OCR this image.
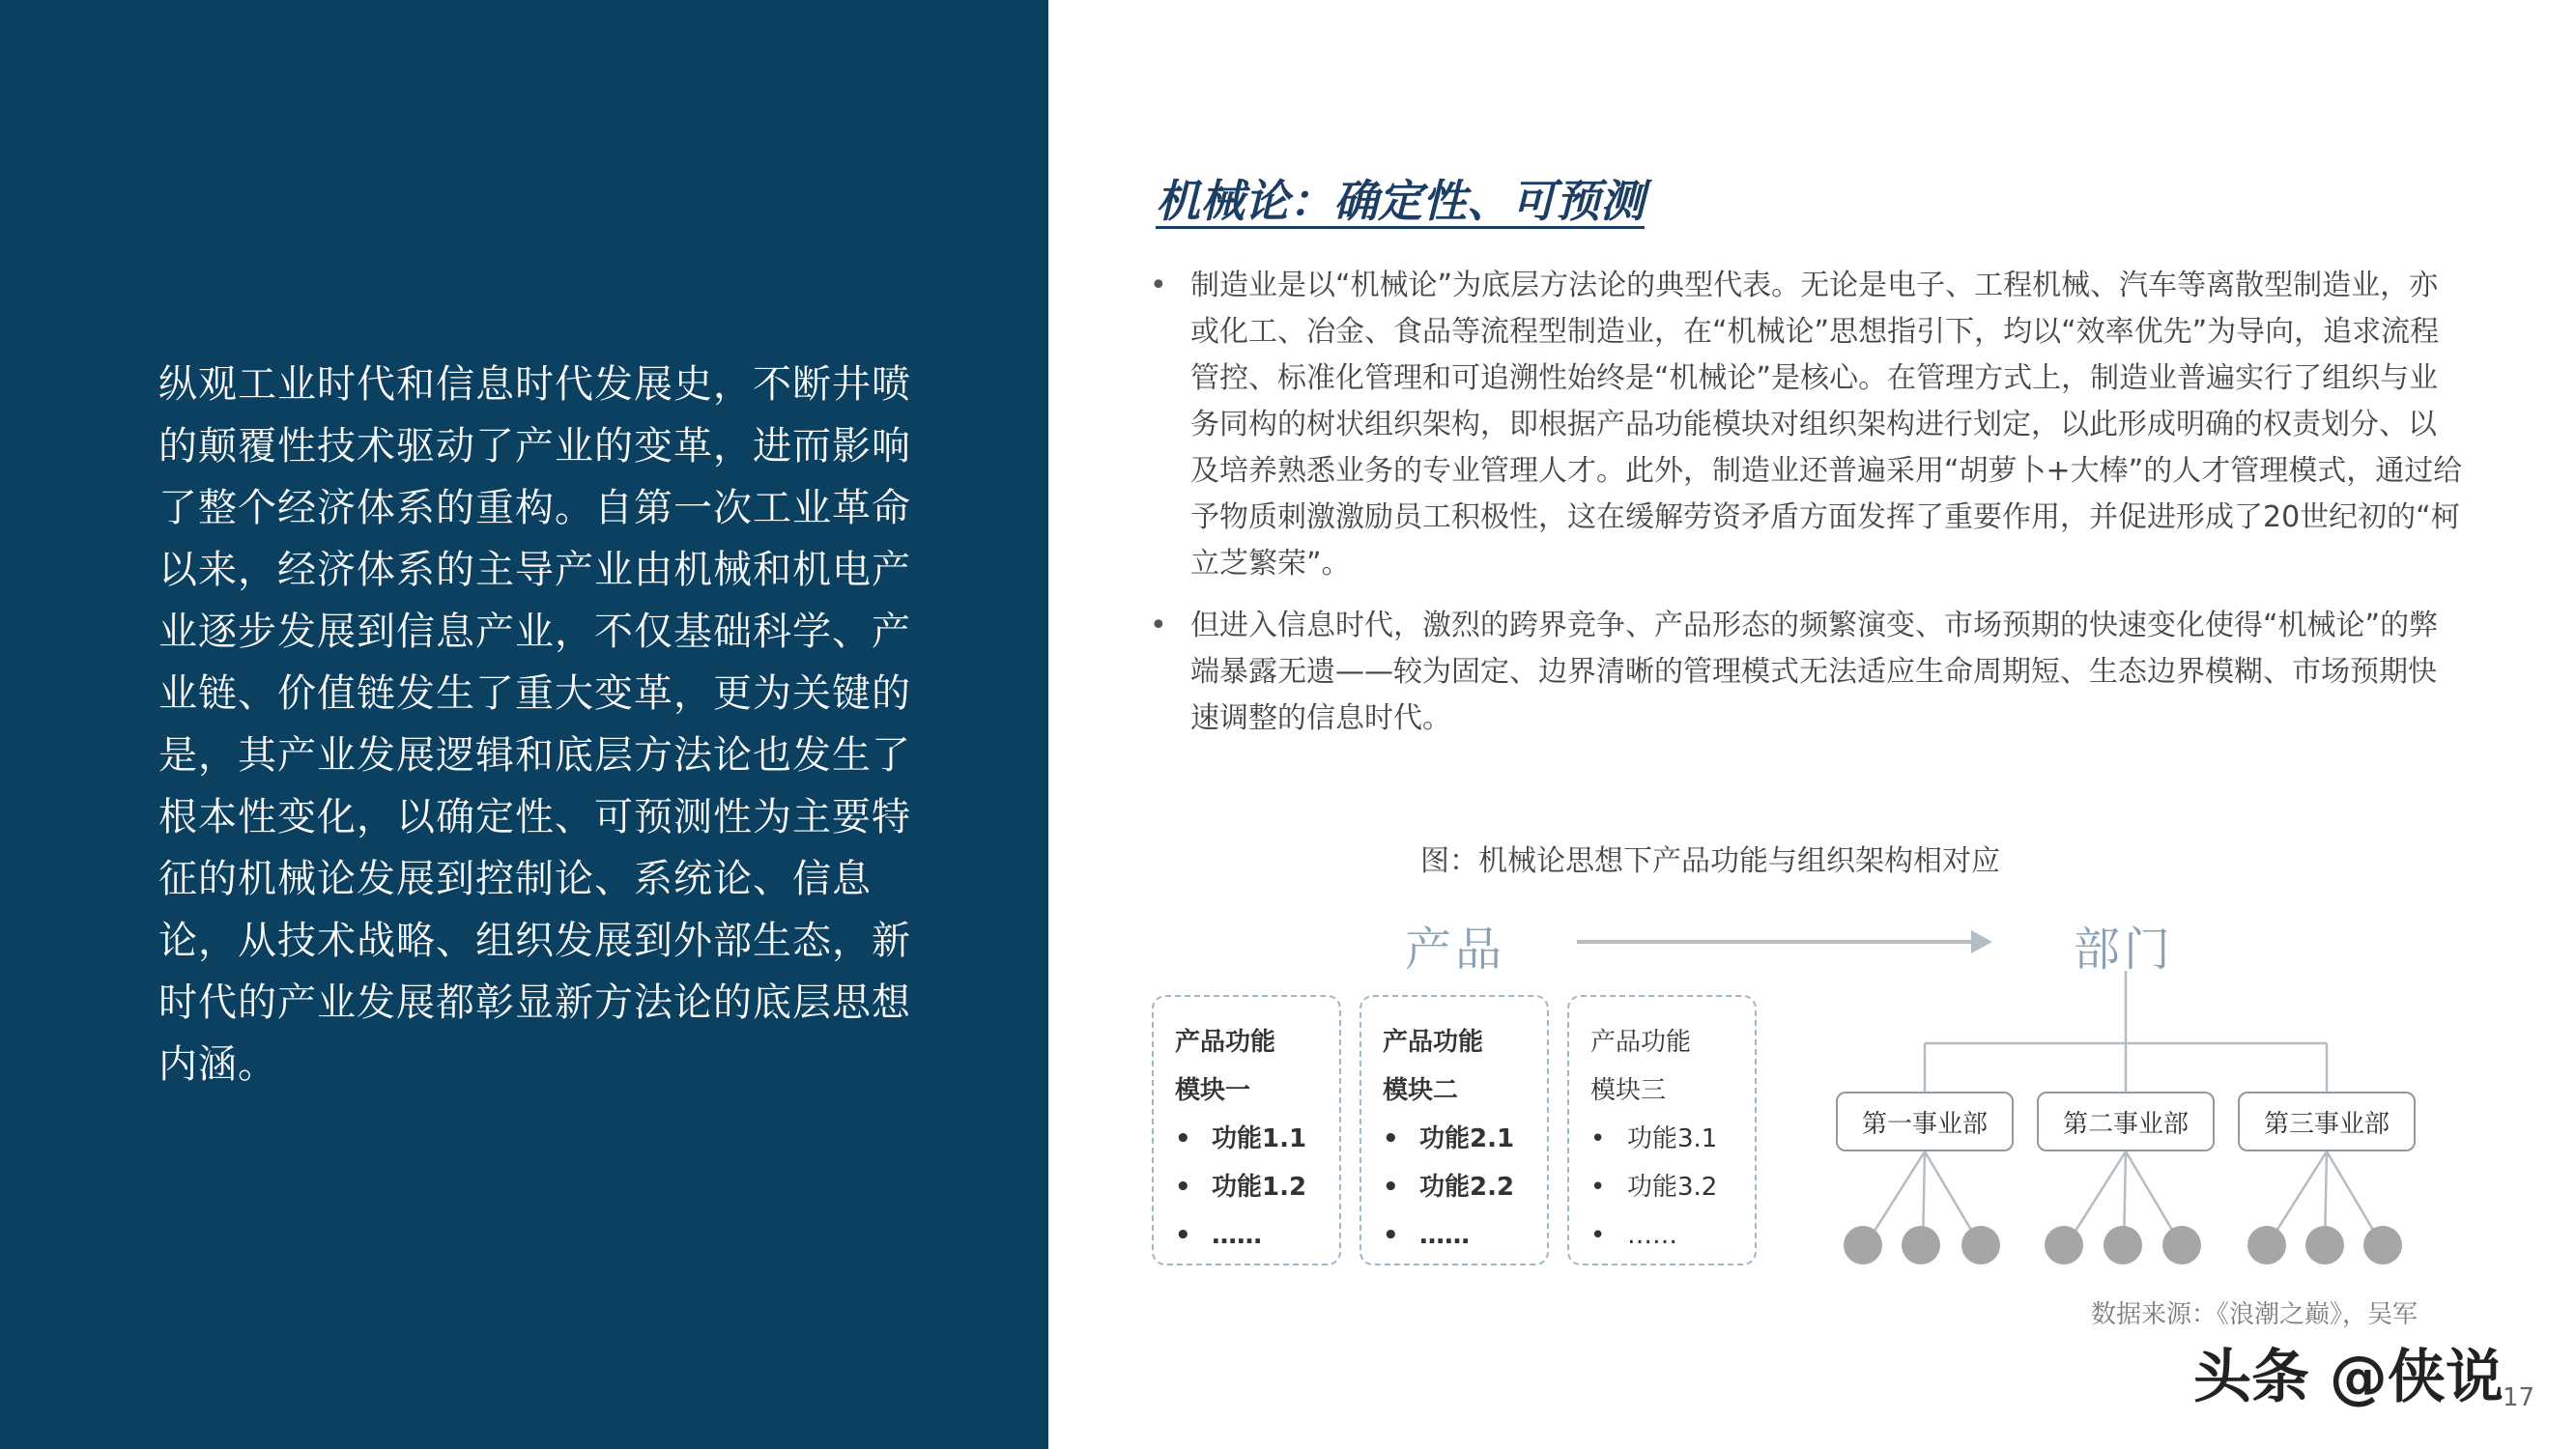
纵观工业时代和信息时代发展史，不断井喷的颠覆性技术驱动了产业的变革，进而影响了整个经济体系的重构。自第一次工业革命以来，经济体系的主导产业由机械和机电产业逐步发展到信息产业，不仅基础科学、产业链、价值链发生了重大变革，更为关键的是，其产业发展逻辑和底层方法论也发生了根本性变化，以确定性、可预测性为主要特征的机械论发展到控制论、系统论、信息论，从技术战略、组织发展到外部生态，新时代的产业发展都彰显新方法论的底层思想内涵。

机械论：确定性、可预测
• 制造业是以“机械论”为底层方法论的典型代表。无论是电子、工程机械、汽车等离散型制造业，亦或化工、冶金、食品等流程型制造业，在“机械论”思想指引下，均以“效率优先”为导向，追求流程管控、标准化管理和可追溯性始终是“机械论”是核心。在管理方式上，制造业普遍实行了组织与业务同构的树状组织架构，即根据产品功能模块对组织架构进行划定，以此形成明确的权责划分、以及培养熟悉业务的专业管理人才。此外，制造业还普遍采用“胡萝卜+大棒”的人才管理模式，通过给予物质刺激激励员工积极性，这在缓解劳资矛盾方面发挥了重要作用，并促进形成了20世纪初的“柯立芝繁荣”。
• 但进入信息时代，激烈的跨界竞争、产品形态的频繁演变、市场预期的快速变化使得“机械论”的弊端暴露无遗——较为固定、边界清晰的管理模式无法适应生命周期短、生态边界模糊、市场预期快速调整的信息时代。

图：机械论思想下产品功能与组织架构相对应

产品	部门
产品功能
模块一
• 功能1.1
• 功能1.2
• ……
产品功能
模块二
• 功能2.1
• 功能2.2
• ……
产品功能
模块三
• 功能3.1
• 功能3.2
• ……
第一事业部	第二事业部	第三事业部

数据来源：《浪潮之巅》，吴军

头条 @侠说 17
